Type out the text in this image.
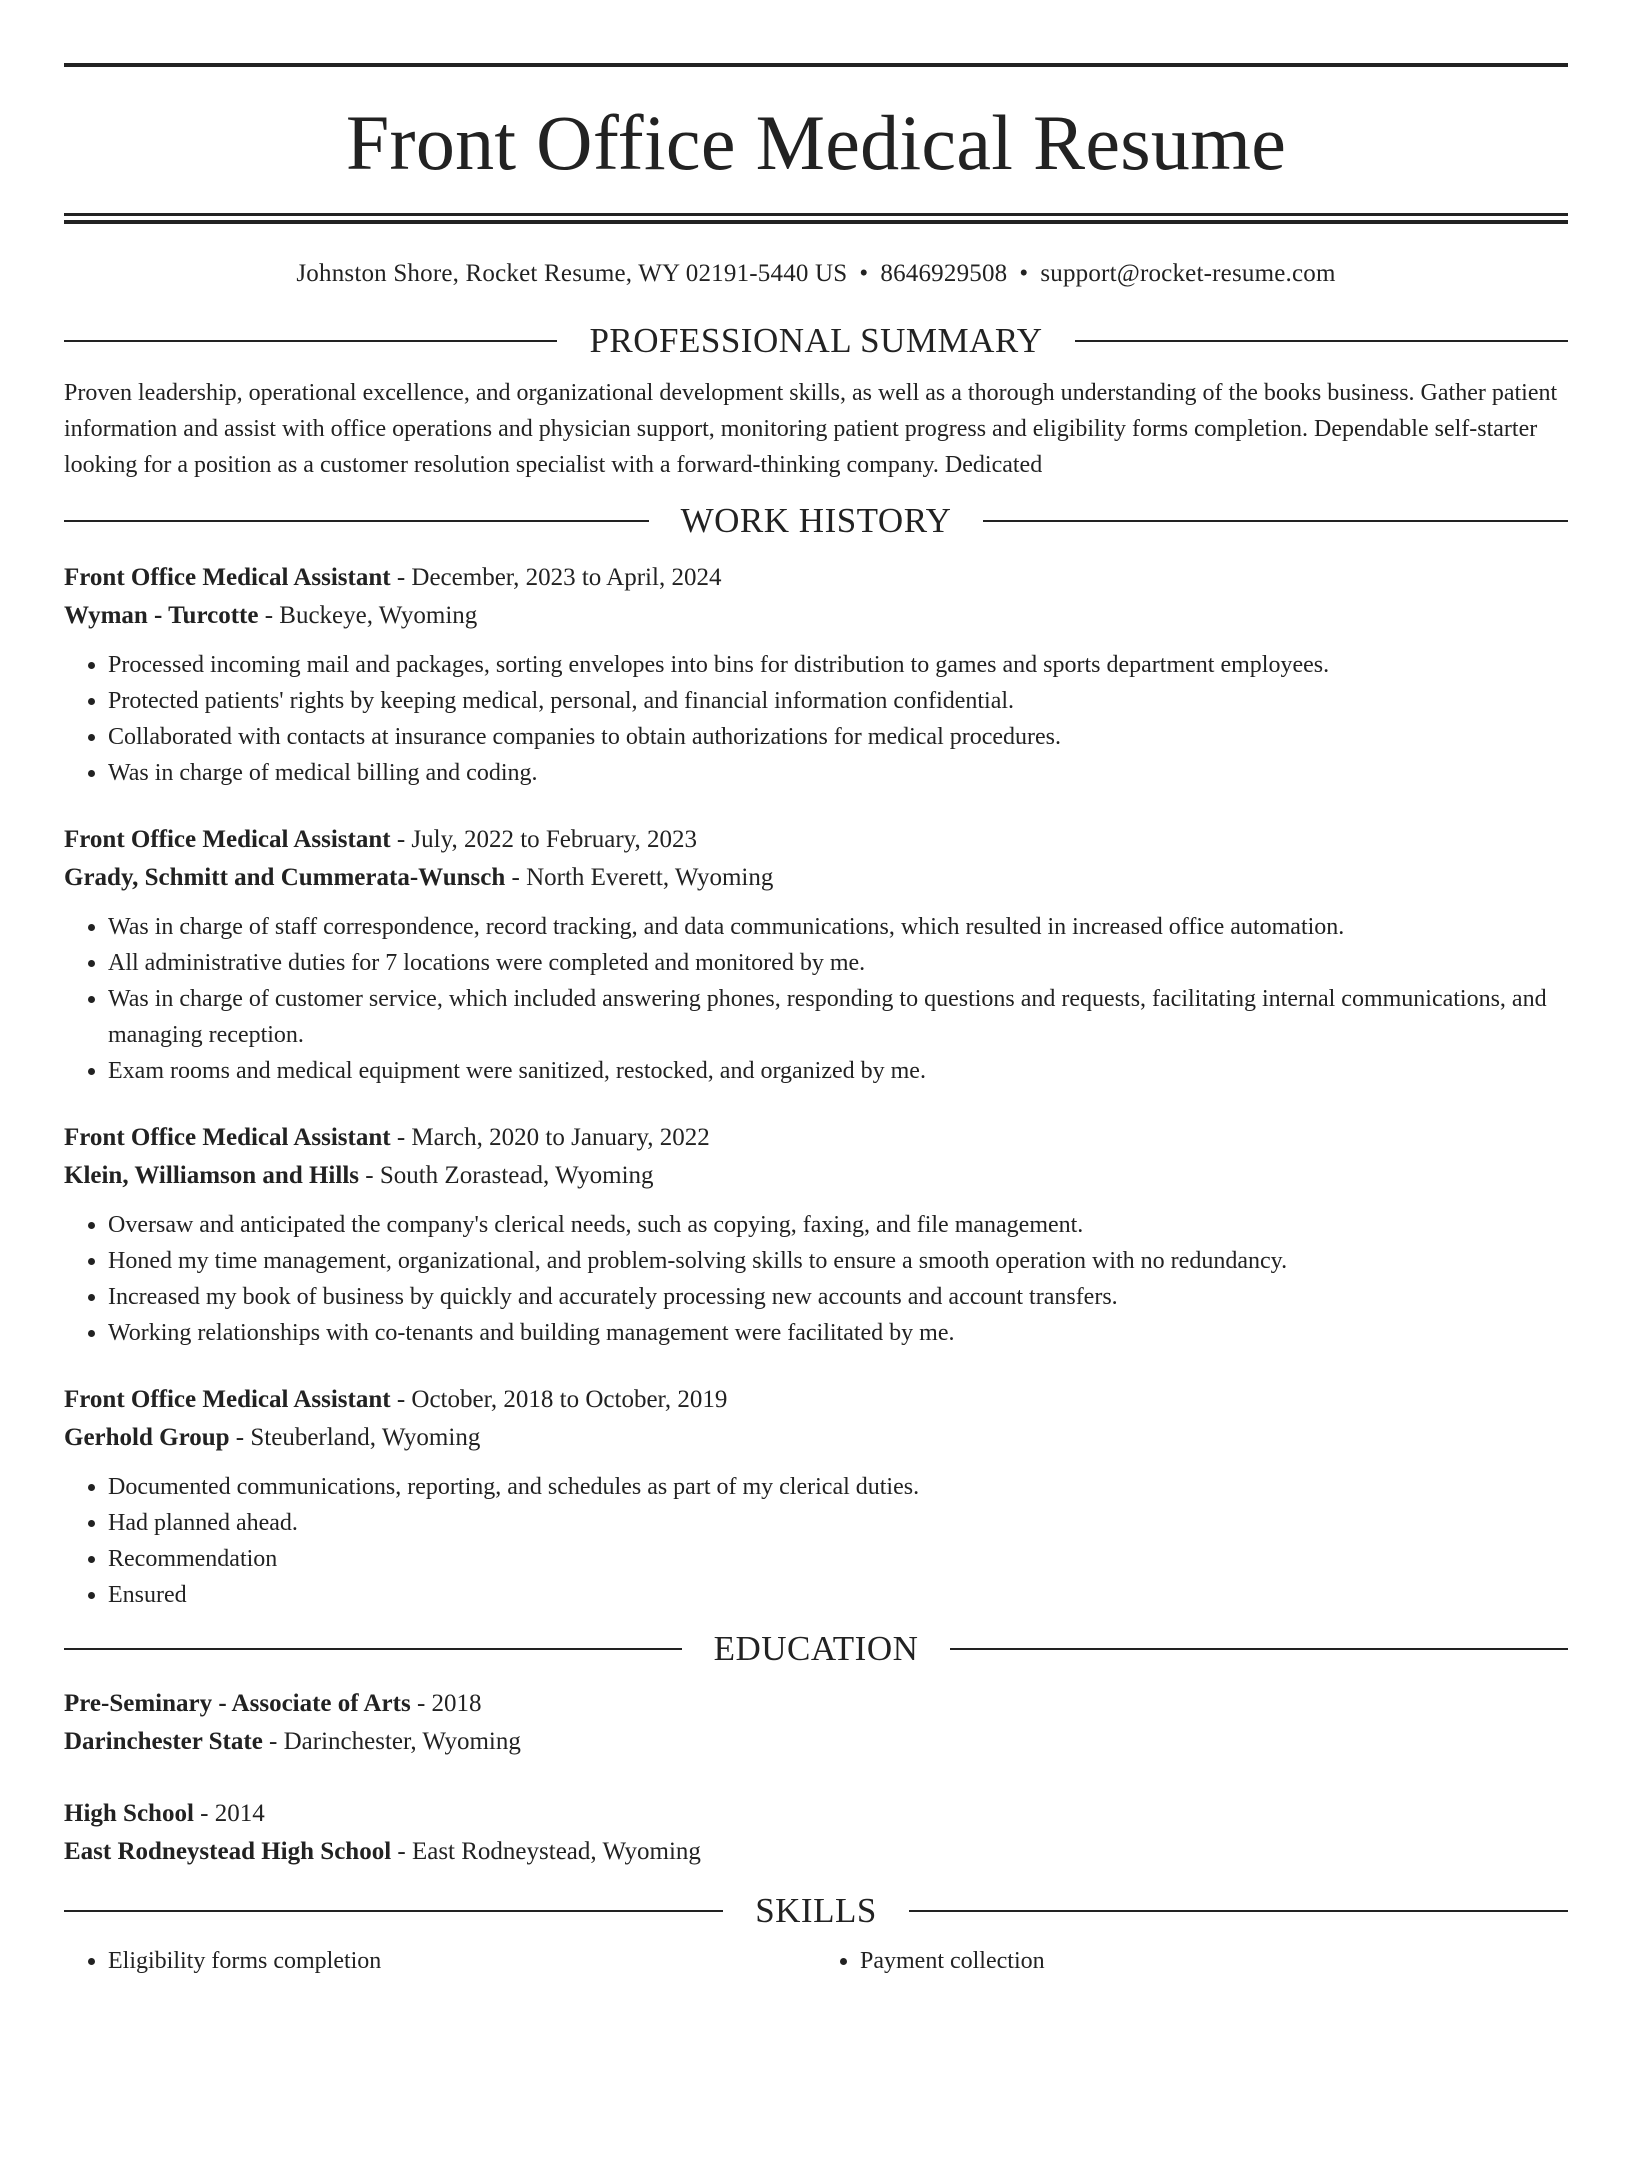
Front Office Medical Resume
Johnston Shore, Rocket Resume, WY 02191-5440 US • 8646929508 • support@rocket-resume.com
PROFESSIONAL SUMMARY

Proven leadership, operational excellence, and organizational development skills, as well as a thorough understanding of the books business. Gather patient information and assist with office operations and physician support, monitoring patient progress and eligibility forms completion. Dependable self-starter looking for a position as a customer resolution specialist with a forward-thinking company. Dedicated

WORK HISTORY
Front Office Medical Assistant - December, 2023 to April, 2024
Wyman - Turcotte - Buckeye, Wyoming
• Processed incoming mail and packages, sorting envelopes into bins for distribution to games and sports department employees.
• Protected patients' rights by keeping medical, personal, and financial information confidential.
• Collaborated with contacts at insurance companies to obtain authorizations for medical procedures.
• Was in charge of medical billing and coding.
Front Office Medical Assistant - July, 2022 to February, 2023
Grady, Schmitt and Cummerata-Wunsch - North Everett, Wyoming
• Was in charge of staff correspondence, record tracking, and data communications, which resulted in increased office automation.
• All administrative duties for 7 locations were completed and monitored by me.
• Was in charge of customer service, which included answering phones, responding to questions and requests, facilitating internal communications, and managing reception.
• Exam rooms and medical equipment were sanitized, restocked, and organized by me.
Front Office Medical Assistant - March, 2020 to January, 2022
Klein, Williamson and Hills - South Zorastead, Wyoming
• Oversaw and anticipated the company's clerical needs, such as copying, faxing, and file management.
• Honed my time management, organizational, and problem-solving skills to ensure a smooth operation with no redundancy.
• Increased my book of business by quickly and accurately processing new accounts and account transfers.
• Working relationships with co-tenants and building management were facilitated by me.
Front Office Medical Assistant - October, 2018 to October, 2019
Gerhold Group - Steuberland, Wyoming
• Documented communications, reporting, and schedules as part of my clerical duties.
• Had planned ahead.
• Recommendation
• Ensured
EDUCATION
Pre-Seminary - Associate of Arts - 2018
Darinchester State - Darinchester, Wyoming
High School - 2014
East Rodneystead High School - East Rodneystead, Wyoming
SKILLS
• Eligibility forms completion
•	Payment collection
